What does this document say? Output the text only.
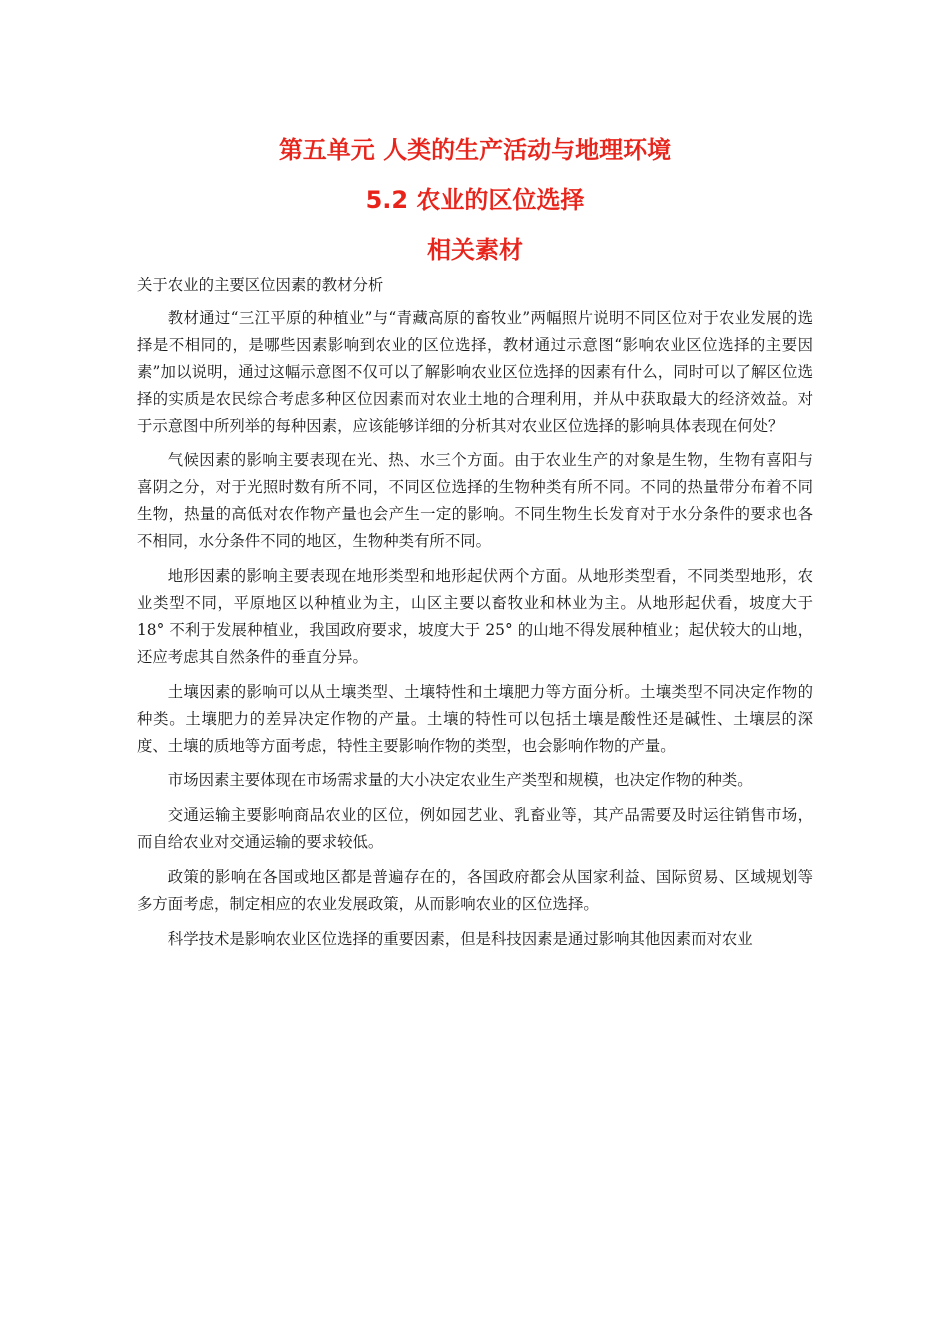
第五单元 人类的生产活动与地理环境
5.2 农业的区位选择
相关素材

关于农业的主要区位因素的教材分析

教材通过“三江平原的种植业”与“青藏高原的畜牧业”两幅照片说明不同区位对于农业发展的选择是不相同的，是哪些因素影响到农业的区位选择，教材通过示意图“影响农业区位选择的主要因素”加以说明，通过这幅示意图不仅可以了解影响农业区位选择的因素有什么，同时可以了解区位选择的实质是农民综合考虑多种区位因素而对农业土地的合理利用，并从中获取最大的经济效益。对于示意图中所列举的每种因素，应该能够详细的分析其对农业区位选择的影响具体表现在何处？

气候因素的影响主要表现在光、热、水三个方面。由于农业生产的对象是生物，生物有喜阳与喜阴之分，对于光照时数有所不同，不同区位选择的生物种类有所不同。不同的热量带分布着不同生物，热量的高低对农作物产量也会产生一定的影响。不同生物生长发育对于水分条件的要求也各不相同，水分条件不同的地区，生物种类有所不同。

地形因素的影响主要表现在地形类型和地形起伏两个方面。从地形类型看，不同类型地形，农业类型不同，平原地区以种植业为主，山区主要以畜牧业和林业为主。从地形起伏看，坡度大于 18° 不利于发展种植业，我国政府要求，坡度大于 25° 的山地不得发展种植业；起伏较大的山地，还应考虑其自然条件的垂直分异。

土壤因素的影响可以从土壤类型、土壤特性和土壤肥力等方面分析。土壤类型不同决定作物的种类。土壤肥力的差异决定作物的产量。土壤的特性可以包括土壤是酸性还是碱性、土壤层的深度、土壤的质地等方面考虑，特性主要影响作物的类型，也会影响作物的产量。

市场因素主要体现在市场需求量的大小决定农业生产类型和规模，也决定作物的种类。

交通运输主要影响商品农业的区位，例如园艺业、乳畜业等，其产品需要及时运往销售市场，而自给农业对交通运输的要求较低。

政策的影响在各国或地区都是普遍存在的，各国政府都会从国家利益、国际贸易、区域规划等多方面考虑，制定相应的农业发展政策，从而影响农业的区位选择。

科学技术是影响农业区位选择的重要因素，但是科技因素是通过影响其他因素而对农业
